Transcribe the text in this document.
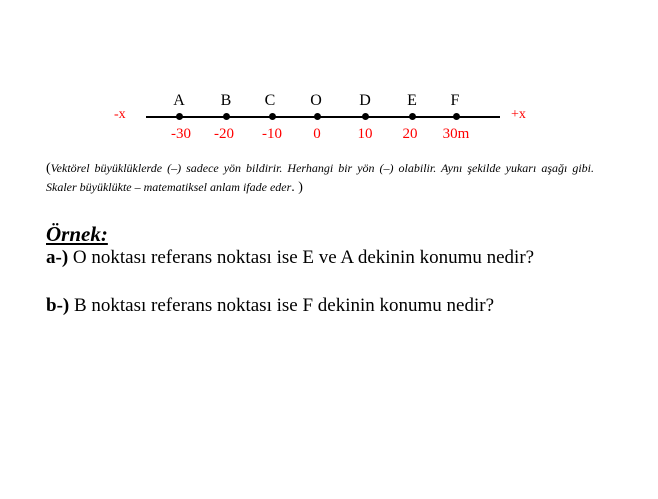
-x	+x
A
-30
B
-20
C
-10
O
0
D
10
E
20
F
30m
(Vektörel büyüklüklerde (–) sadece yön bildirir. Herhangi bir yön (–) olabilir. Aynı şekilde yukarı aşağı gibi. Skaler büyüklükte – matematiksel anlam ifade eder. )
Örnek:
a-) O noktası referans noktası ise E ve A dekinin konumu nedir?
b-) B noktası referans noktası ise F dekinin konumu nedir?
